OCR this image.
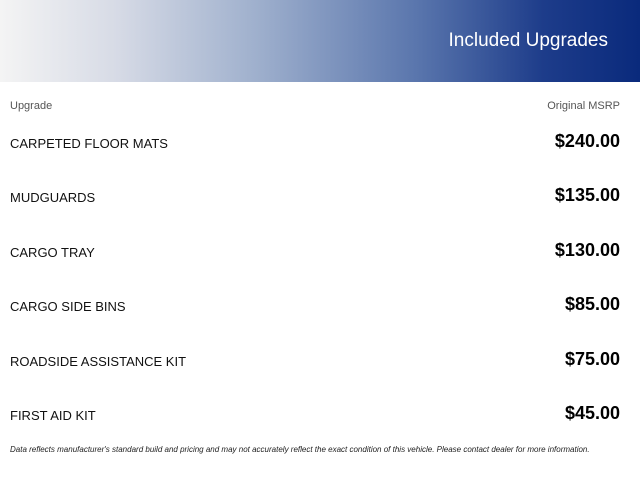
Included Upgrades
Upgrade	Original MSRP
CARPETED FLOOR MATS	$240.00
MUDGUARDS	$135.00
CARGO TRAY	$130.00
CARGO SIDE BINS	$85.00
ROADSIDE ASSISTANCE KIT	$75.00
FIRST AID KIT	$45.00
Data reflects manufacturer's standard build and pricing and may not accurately reflect the exact condition of this vehicle. Please contact dealer for more information.
